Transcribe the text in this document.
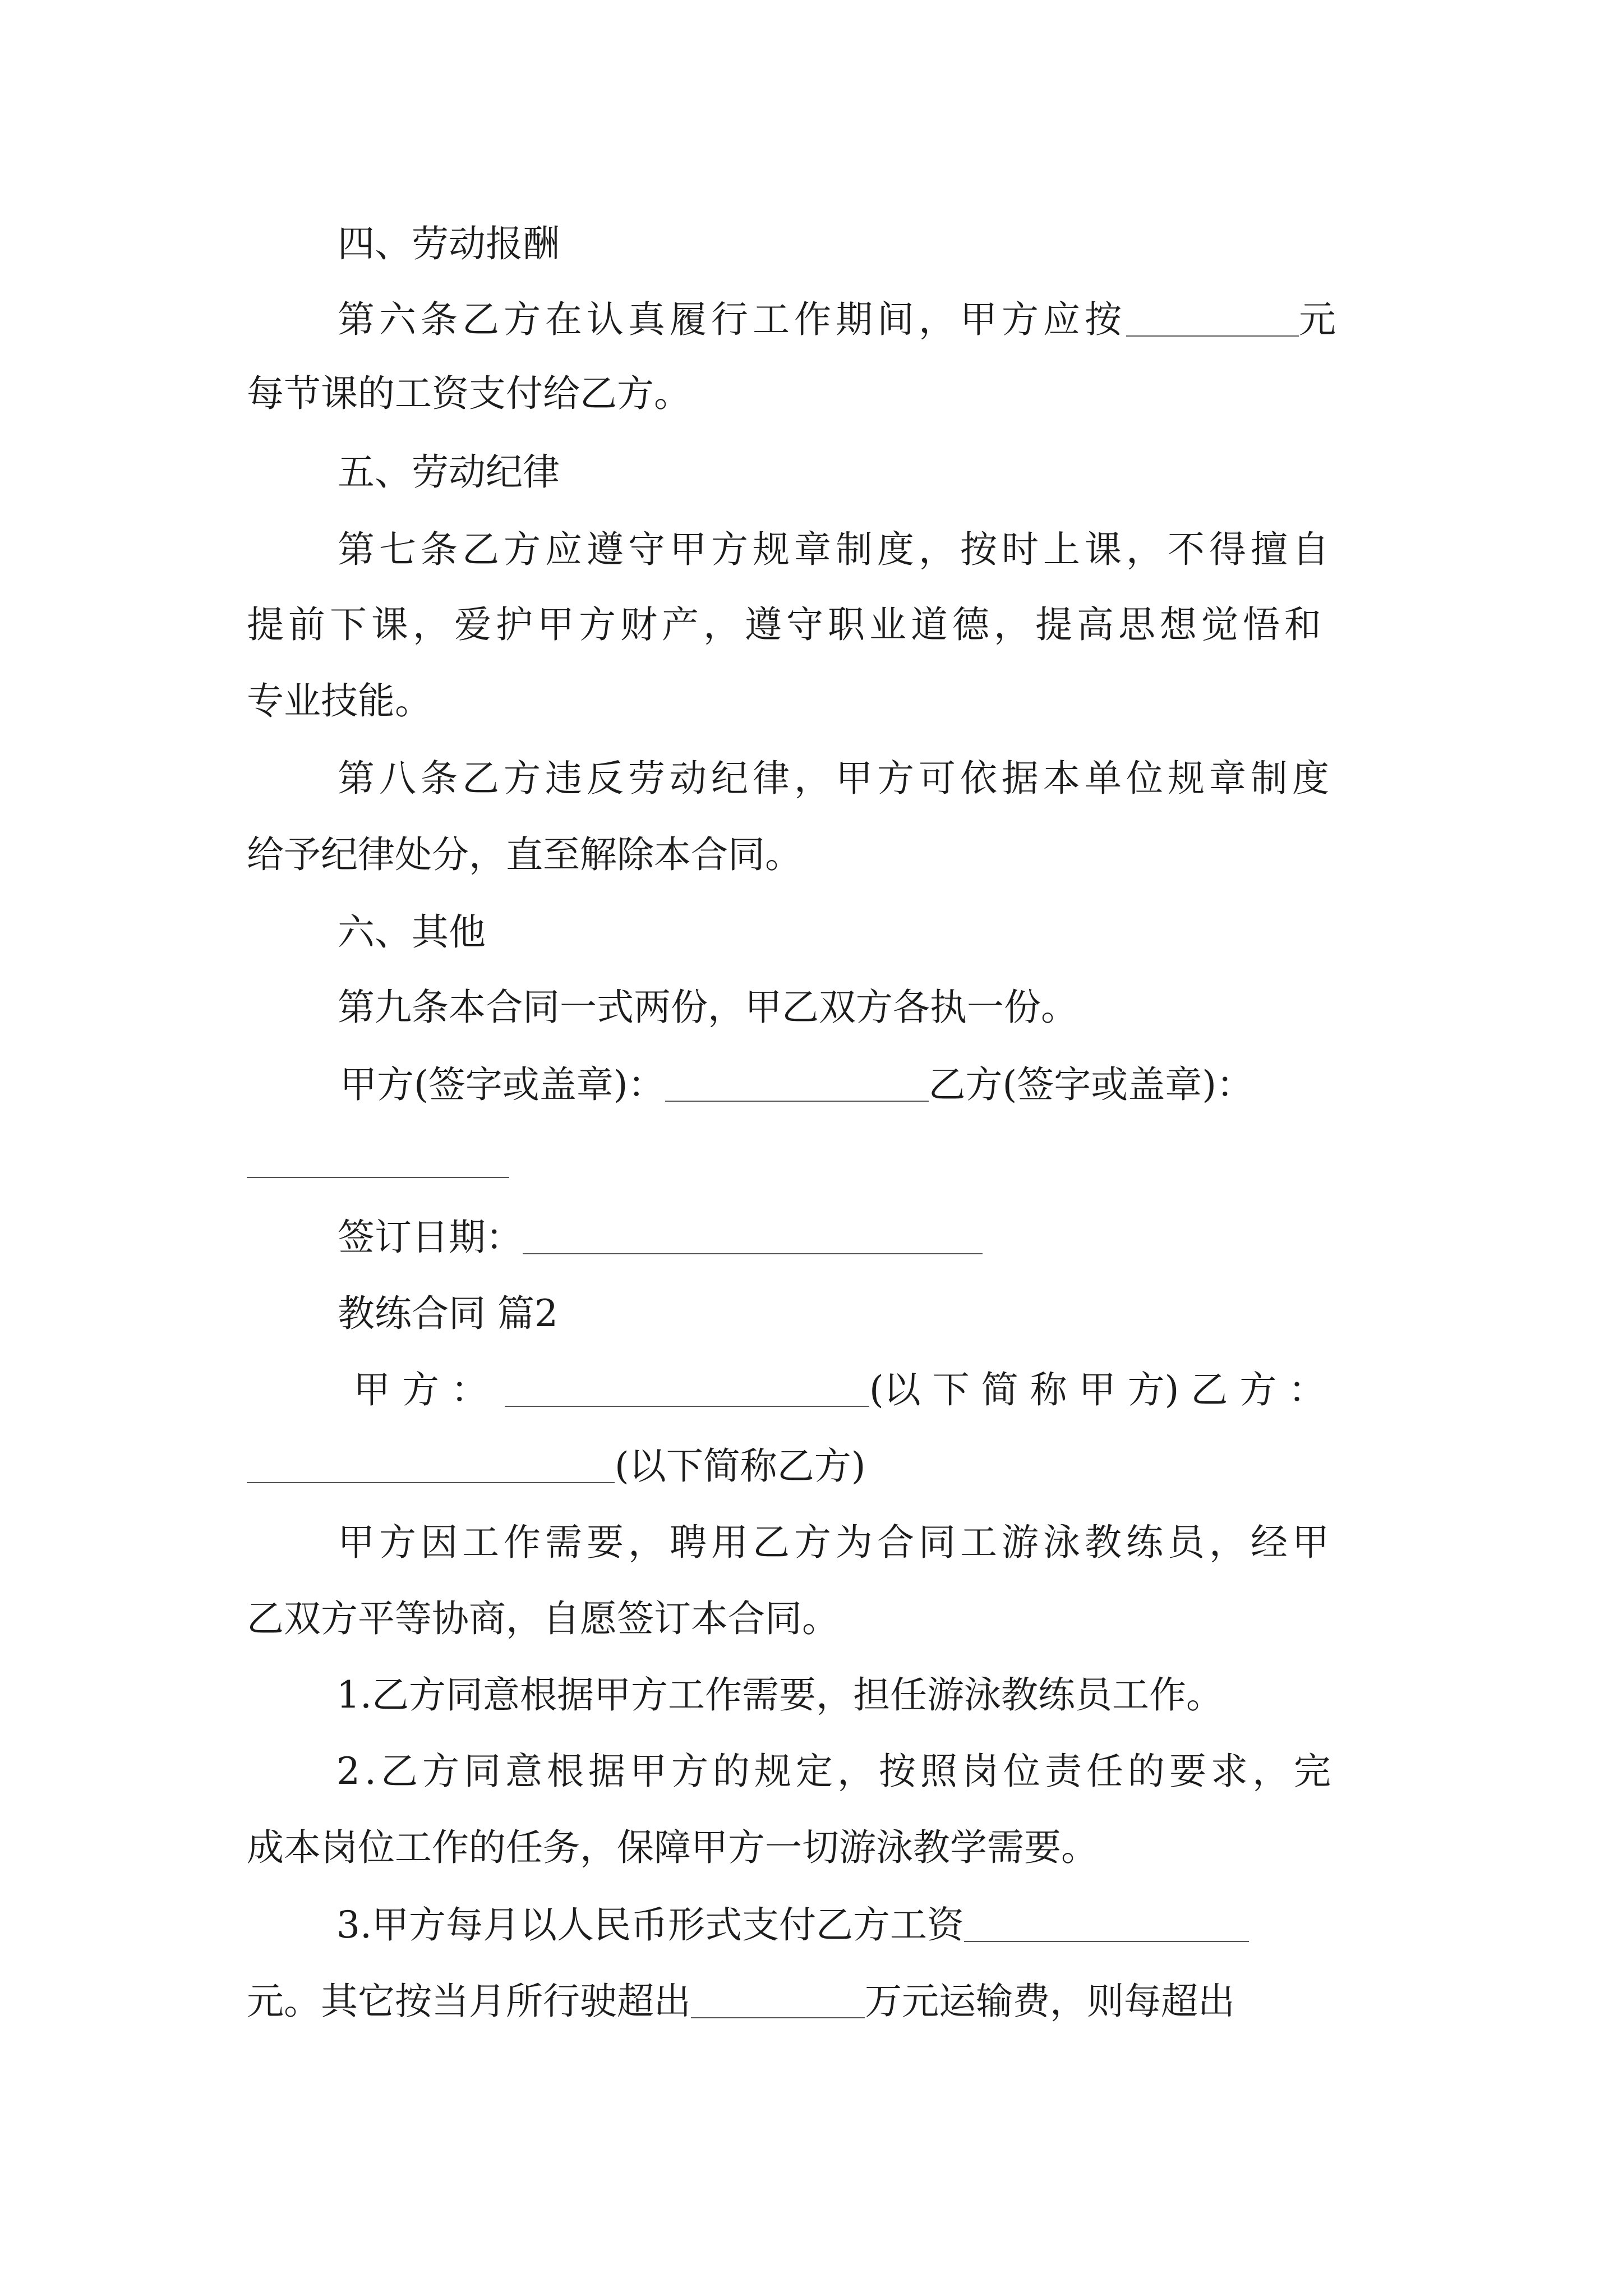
四、劳动报酬
第六条乙方在认真履行工作期间，甲方应按	元
每节课的工资支付给乙方。
五、劳动纪律
第七条乙方应遵守甲方规章制度，按时上课，不得擅自
提前下课，爱护甲方财产，遵守职业道德，提高思想觉悟和
专业技能。
第八条乙方违反劳动纪律，甲方可依据本单位规章制度
给予纪律处分，直至解除本合同。
六、其他
第九条本合同一式两份，甲乙双方各执一份。
甲方(签字或盖章)：	乙方(签字或盖章)：
签订日期：
教练合同 篇2
甲 方 ：	(以 下 简 称 甲 方) 乙 方 ：
(以下简称乙方)
甲方因工作需要，聘用乙方为合同工游泳教练员，经甲
乙双方平等协商，自愿签订本合同。
1.乙方同意根据甲方工作需要，担任游泳教练员工作。
2.乙方同意根据甲方的规定，按照岗位责任的要求，完
成本岗位工作的任务，保障甲方一切游泳教学需要。
3.甲方每月以人民币形式支付乙方工资
元。其它按当月所行驶超出	万元运输费，则每超出
